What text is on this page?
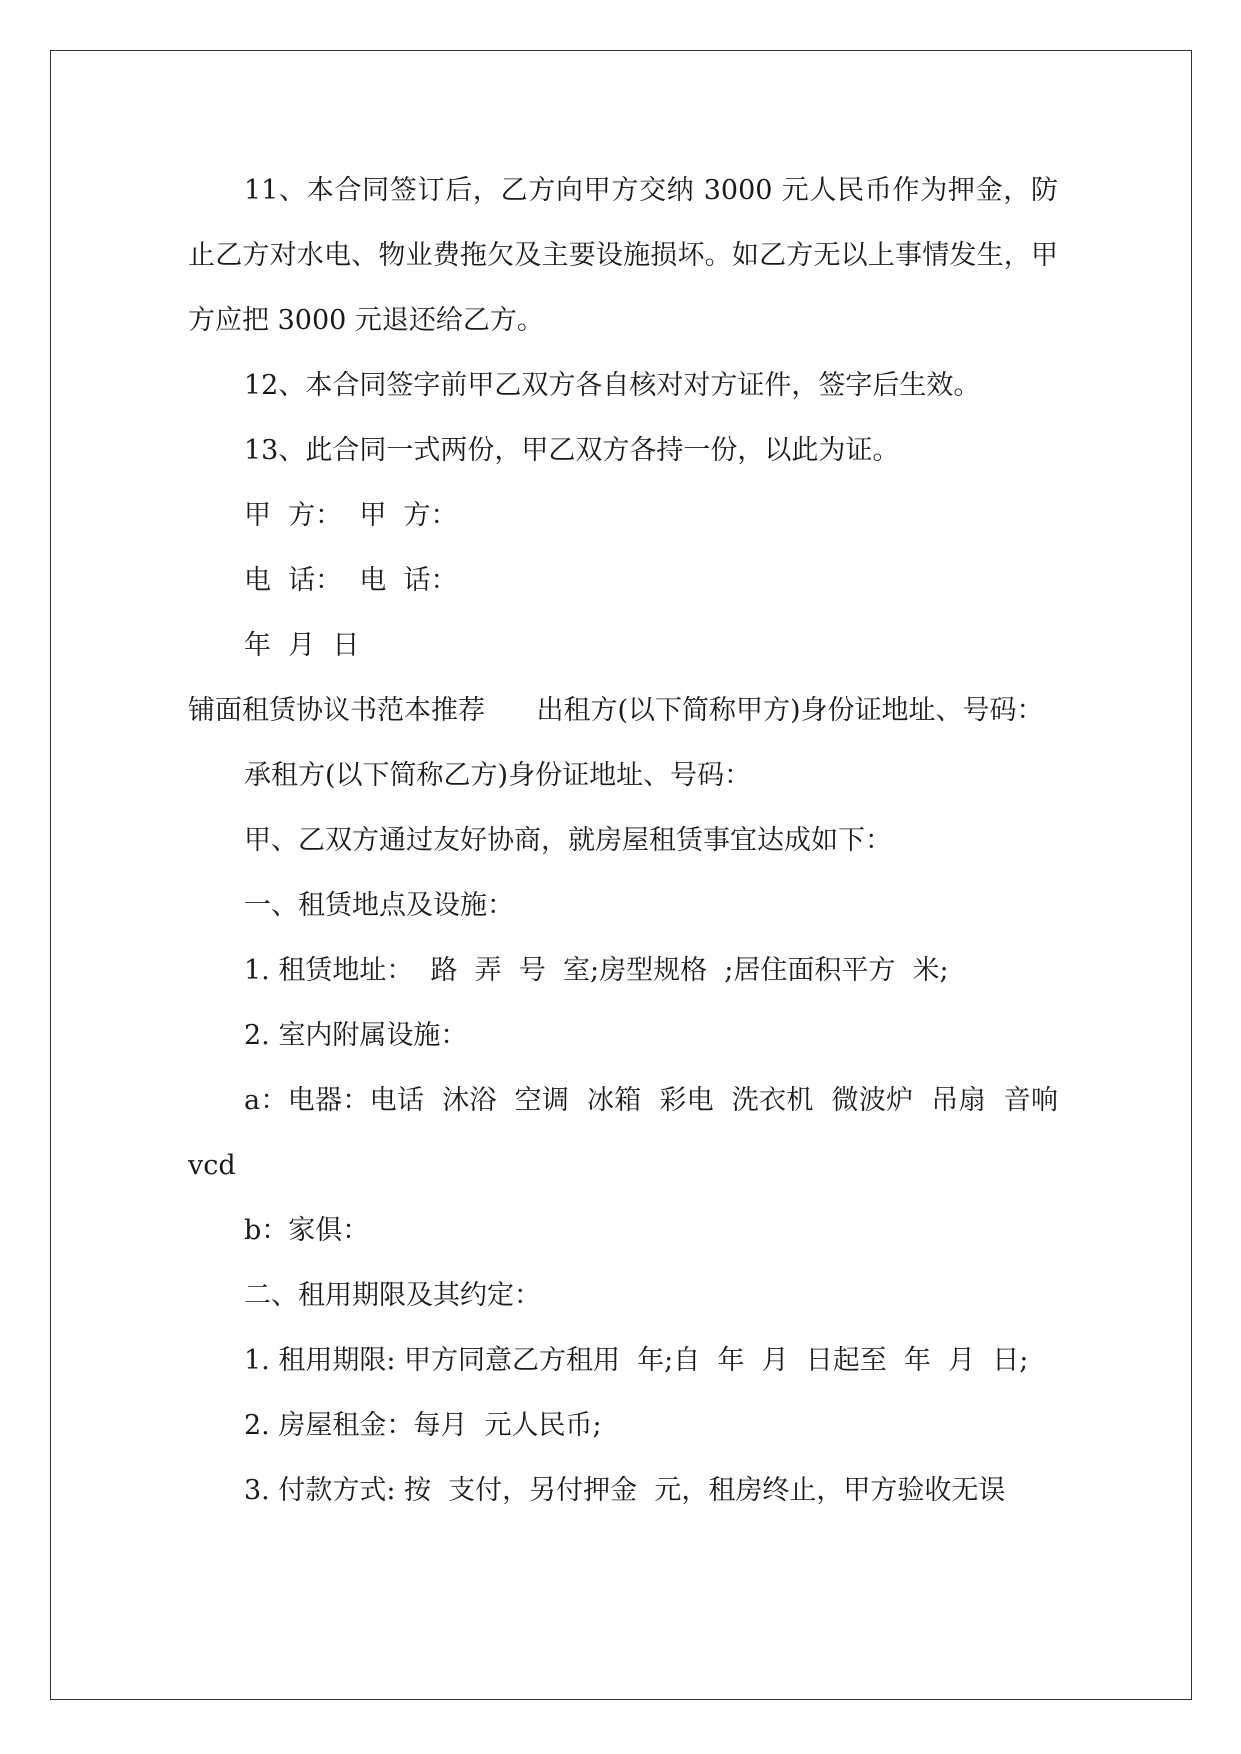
11、本合同签订后，乙方向甲方交纳 3000 元人民币作为押金，防止乙方对水电、物业费拖欠及主要设施损坏。如乙方无以上事情发生，甲方应把 3000 元退还给乙方。

12、本合同签字前甲乙双方各自核对对方证件，签字后生效。

13、此合同一式两份，甲乙双方各持一份，以此为证。

甲  方：  甲  方：

电  话：  电  话：

年  月  日

铺面租赁协议书范本推荐      出租方(以下简称甲方)身份证地址、号码：

承租方(以下简称乙方)身份证地址、号码：

甲、乙双方通过友好协商，就房屋租赁事宜达成如下：

一、租赁地点及设施：

1. 租赁地址：  路  弄  号  室;房型规格  ;居住面积平方  米;

2. 室内附属设施：

a：电器：电话  沐浴  空调  冰箱  彩电  洗衣机  微波炉  吊扇  音响  vcd

b：家俱：

二、租用期限及其约定：

1. 租用期限: 甲方同意乙方租用  年;自  年  月  日起至  年  月  日;

2. 房屋租金：每月  元人民币;

3. 付款方式: 按  支付，另付押金  元，租房终止，甲方验收无误
